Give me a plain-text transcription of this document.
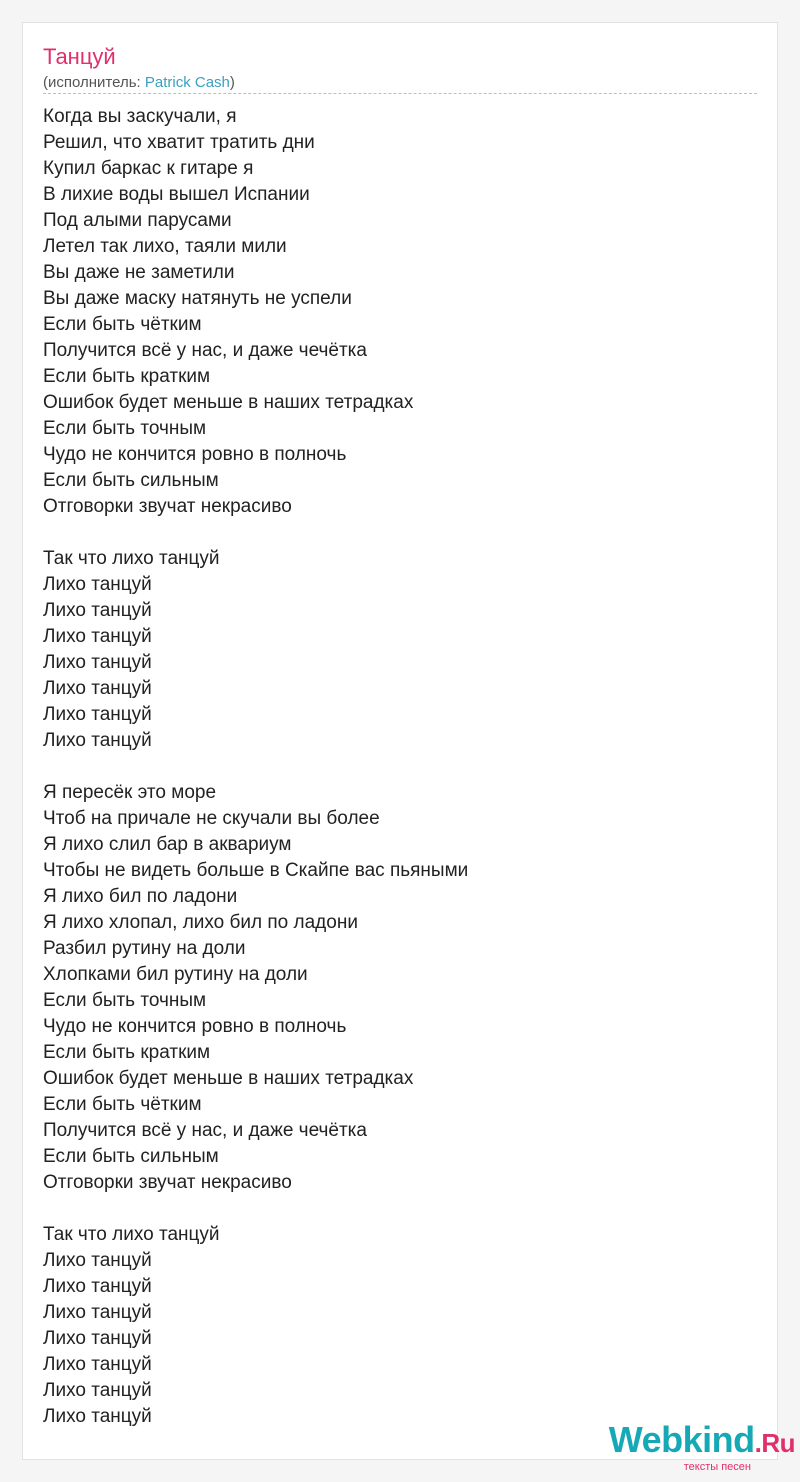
Танцуй
(исполнитель: Patrick Cash)
Когда вы заскучали, я
Решил, что хватит тратить дни
Купил баркас к гитаре я
В лихие воды вышел Испании
Под алыми парусами
Летел так лихо, таяли мили
Вы даже не заметили
Вы даже маску натянуть не успели
Если быть чётким
Получится всё у нас, и даже чечётка
Если быть кратким
Ошибок будет меньше в наших тетрадках
Если быть точным
Чудо не кончится ровно в полночь
Если быть сильным
Отговорки звучат некрасиво
Так что лихо танцуй
Лихо танцуй
Лихо танцуй
Лихо танцуй
Лихо танцуй
Лихо танцуй
Лихо танцуй
Лихо танцуй
Я пересёк это море
Чтоб на причале не скучали вы более
Я лихо слил бар в аквариум
Чтобы не видеть больше в Скайпе вас пьяными
Я лихо бил по ладони
Я лихо хлопал, лихо бил по ладони
Разбил рутину на доли
Хлопками бил рутину на доли
Если быть точным
Чудо не кончится ровно в полночь
Если быть кратким
Ошибок будет меньше в наших тетрадках
Если быть чётким
Получится всё у нас, и даже чечётка
Если быть сильным
Отговорки звучат некрасиво
Так что лихо танцуй
Лихо танцуй
Лихо танцуй
Лихо танцуй
Лихо танцуй
Лихо танцуй
Лихо танцуй
Лихо танцуй
Webkind.Ru
тексты песен
